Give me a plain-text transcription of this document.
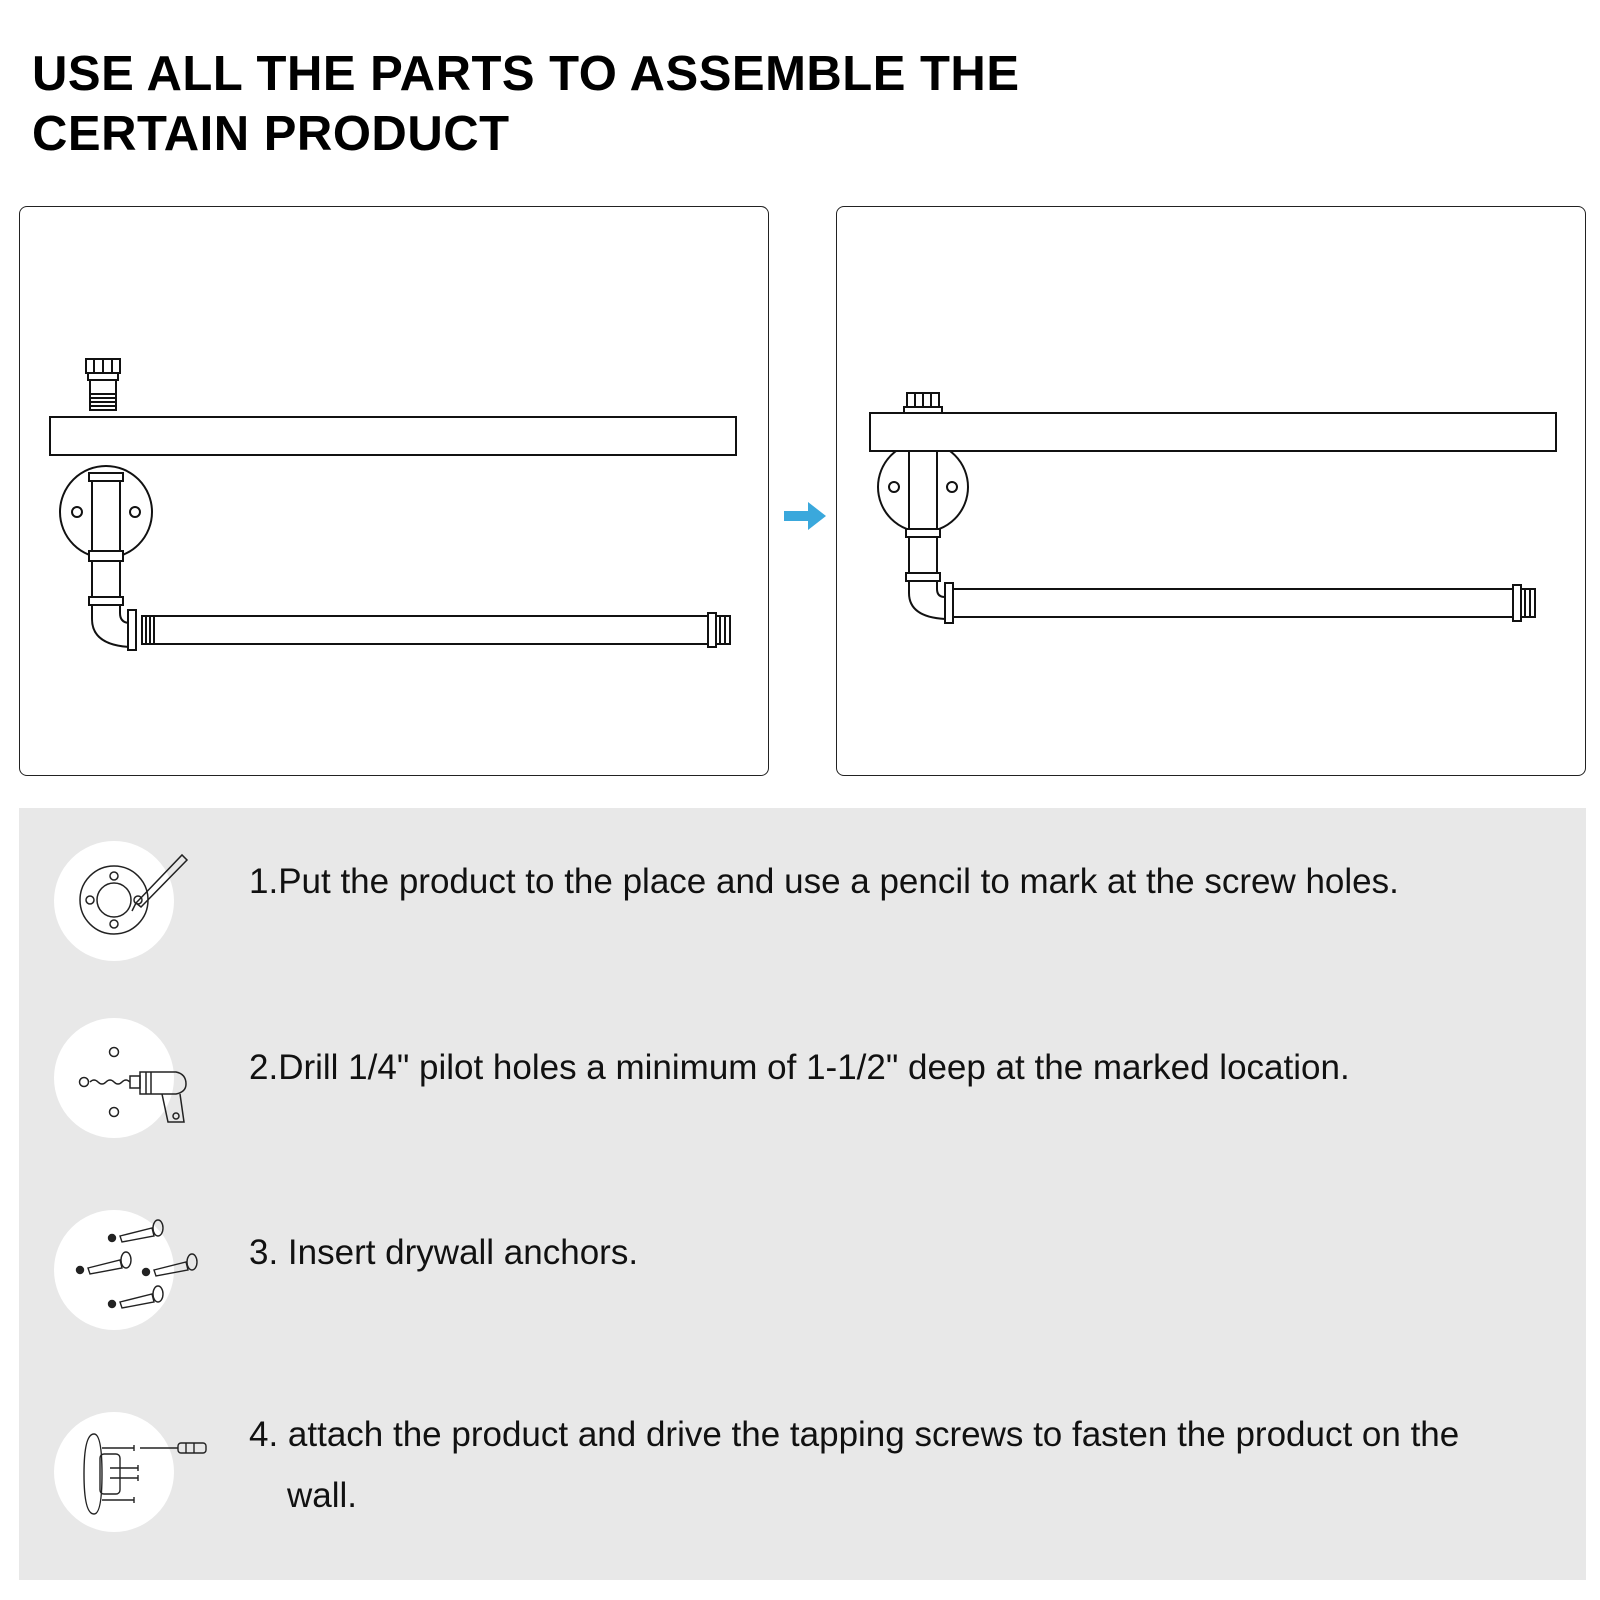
USE ALL THE PARTS TO ASSEMBLE THE
CERTAIN PRODUCT
1.Put the product to the place and use a pencil to mark at the screw holes.
2.Drill 1/4" pilot holes a minimum of 1-1/2" deep at the marked location.
3. Insert drywall anchors.
4. attach the product and drive the tapping screws to fasten the product on the
wall.
